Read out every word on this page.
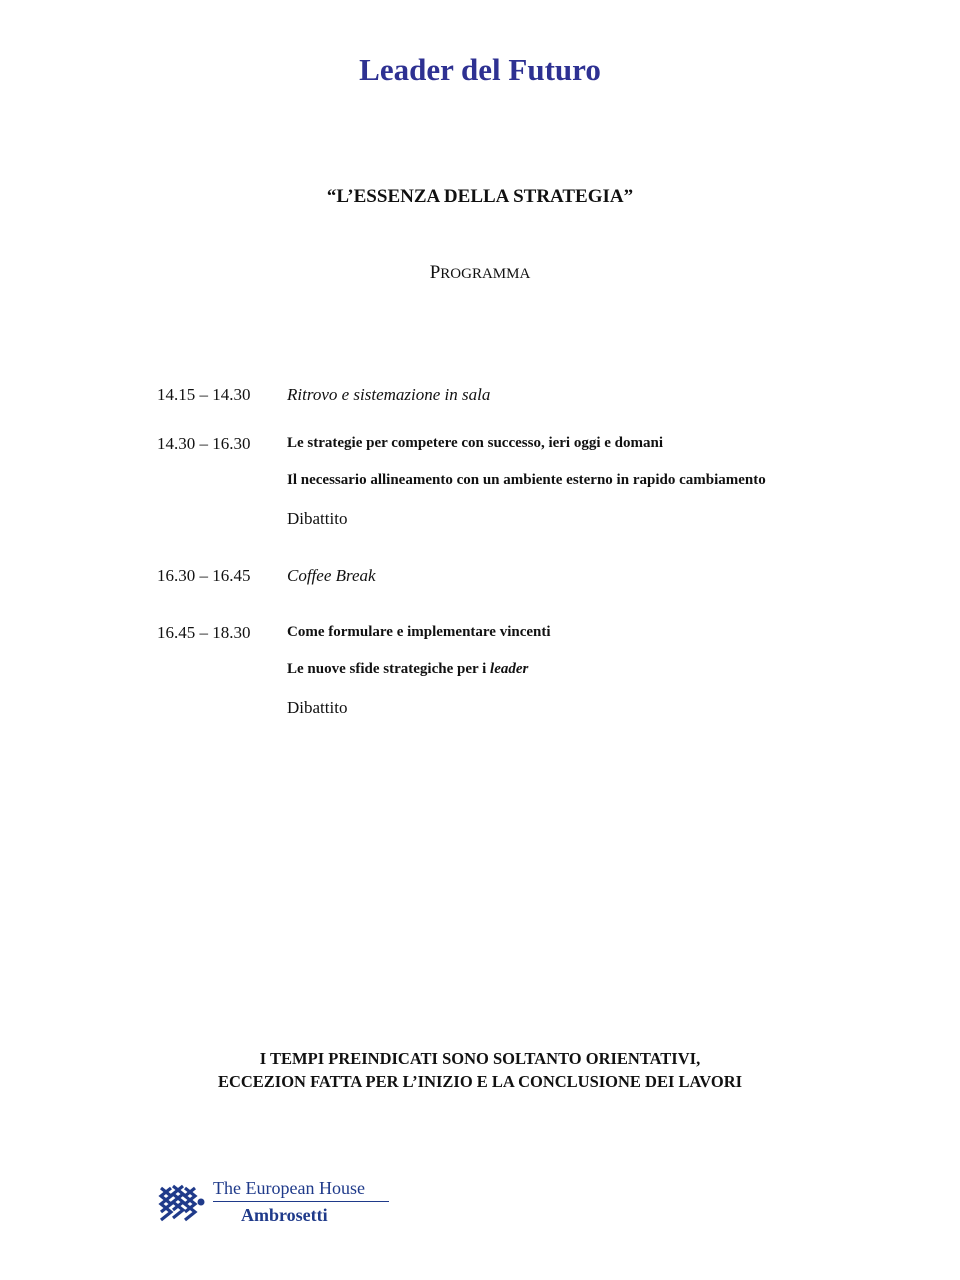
Leader del Futuro
“L’ESSENZA DELLA STRATEGIA”
PROGRAMMA
14.15 – 14.30 Ritrovo e sistemazione in sala
14.30 – 16.30 Le strategie per competere con successo, ieri oggi e domani
Il necessario allineamento con un ambiente esterno in rapido cambiamento
Dibattito
16.30 – 16.45 Coffee Break
16.45 – 18.30 Come formulare e implementare vincenti
Le nuove sfide strategiche per i leader
Dibattito
I TEMPI PREINDICATI SONO SOLTANTO ORIENTATIVI,
ECCEZION FATTA PER L’INIZIO E LA CONCLUSIONE DEI LAVORI
The European House
Ambrosetti
